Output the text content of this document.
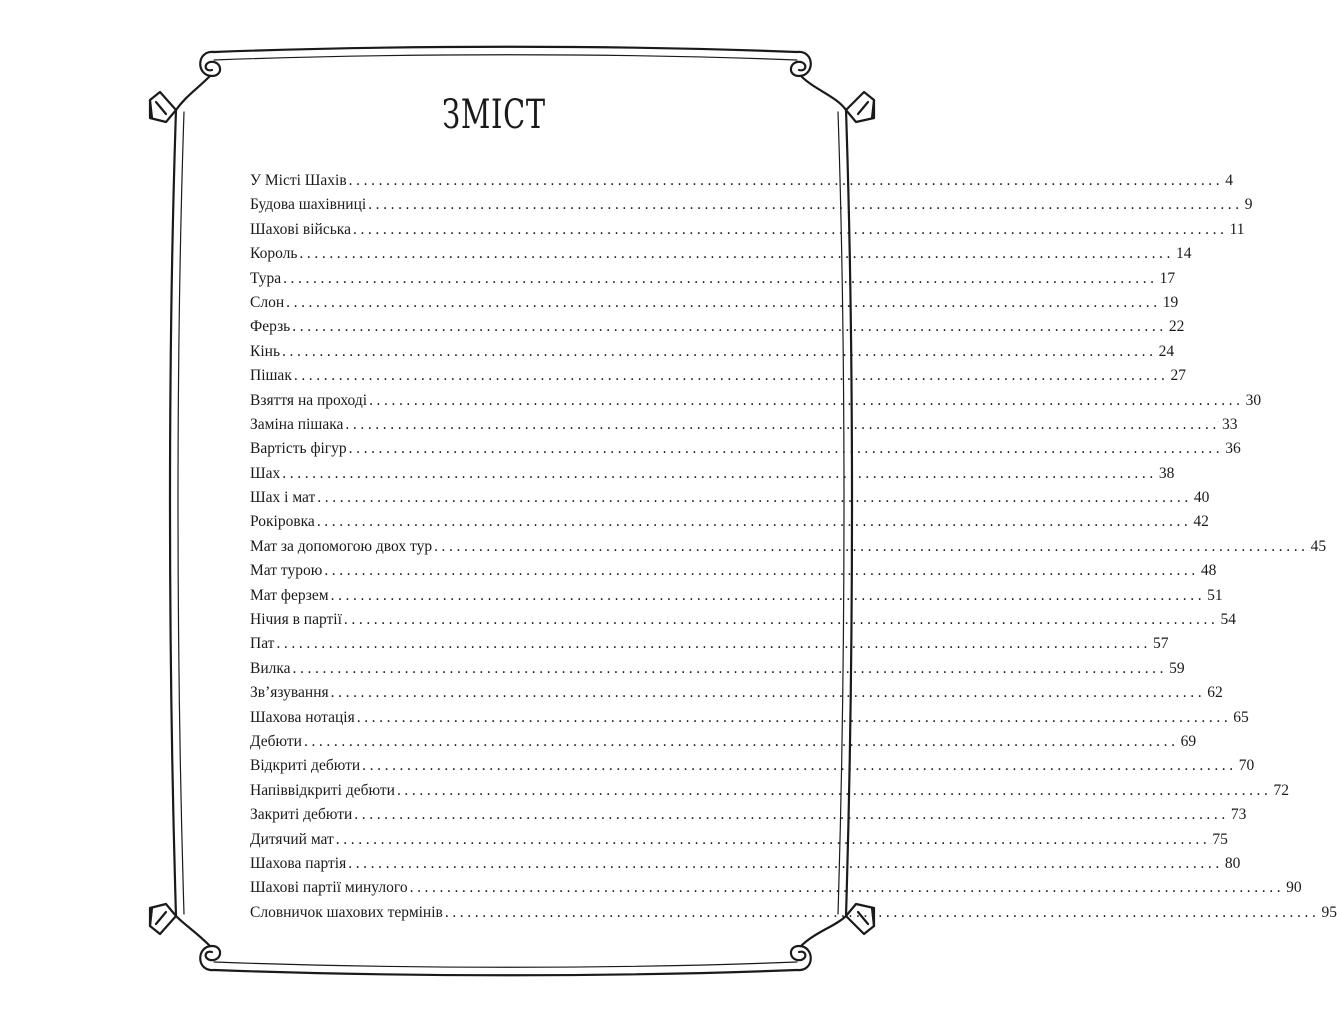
ЗМІСТ
У Місті Шахів ..................................................................................................................... 4
Будова шахівниці ..................................................................................................................... 9
Шахові війська ..................................................................................................................... 11
Король ..................................................................................................................... 14
Тура ..................................................................................................................... 17
Слон ..................................................................................................................... 19
Ферзь ..................................................................................................................... 22
Кінь ..................................................................................................................... 24
Пішак ..................................................................................................................... 27
Взяття на проході ..................................................................................................................... 30
Заміна пішака ..................................................................................................................... 33
Вартість фігур ..................................................................................................................... 36
Шах ..................................................................................................................... 38
Шах і мат ..................................................................................................................... 40
Рокіровка ..................................................................................................................... 42
Мат за допомогою двох тур ..................................................................................................................... 45
Мат турою ..................................................................................................................... 48
Мат ферзем ..................................................................................................................... 51
Нічия в партії ..................................................................................................................... 54
Пат ..................................................................................................................... 57
Вилка ..................................................................................................................... 59
Зв’язування ..................................................................................................................... 62
Шахова нотація ..................................................................................................................... 65
Дебюти ..................................................................................................................... 69
Відкриті дебюти ..................................................................................................................... 70
Напіввідкриті дебюти ..................................................................................................................... 72
Закриті дебюти ..................................................................................................................... 73
Дитячий мат ..................................................................................................................... 75
Шахова партія ..................................................................................................................... 80
Шахові партії минулого ..................................................................................................................... 90
Словничок шахових термінів ..................................................................................................................... 95
